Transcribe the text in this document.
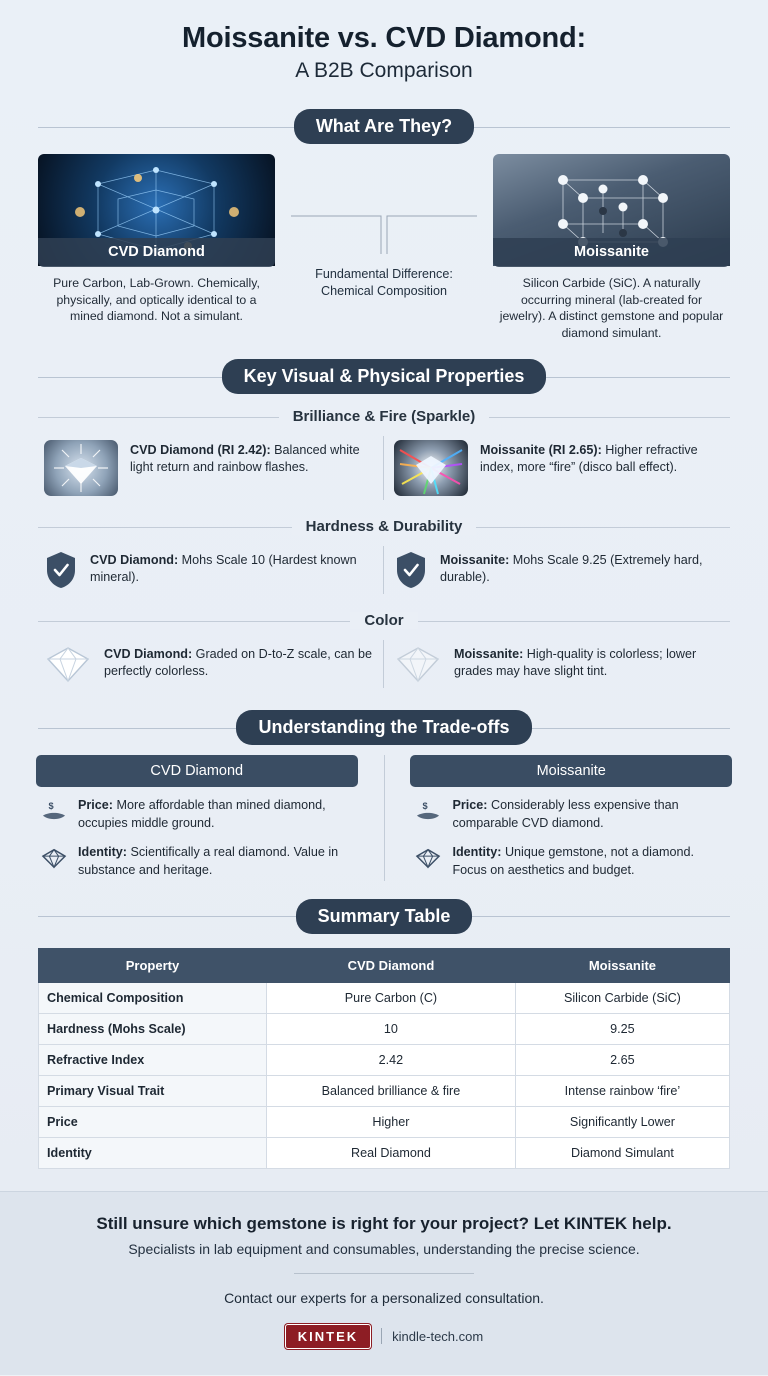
Moissanite vs. CVD Diamond:
A B2B Comparison
What Are They?
CVD Diamond
Pure Carbon, Lab-Grown. Chemically, physically, and optically identical to a mined diamond. Not a simulant.
Fundamental Difference: Chemical Composition
Moissanite
Silicon Carbide (SiC). A naturally occurring mineral (lab-created for jewelry). A distinct gemstone and popular diamond simulant.
Key Visual & Physical Properties
Brilliance & Fire (Sparkle)
CVD Diamond (RI 2.42): Balanced white light return and rainbow flashes.
Moissanite (RI 2.65): Higher refractive index, more “fire” (disco ball effect).
Hardness & Durability
CVD Diamond: Mohs Scale 10 (Hardest known mineral).
Moissanite: Mohs Scale 9.25 (Extremely hard, durable).
Color
CVD Diamond: Graded on D-to-Z scale, can be perfectly colorless.
Moissanite: High-quality is colorless; lower grades may have slight tint.
Understanding the Trade-offs
CVD Diamond
$ Price: More affordable than mined diamond, occupies middle ground.
Identity: Scientifically a real diamond. Value in substance and heritage.
Moissanite
$ Price: Considerably less expensive than comparable CVD diamond.
Identity: Unique gemstone, not a diamond. Focus on aesthetics and budget.
Summary Table
Property	CVD Diamond	Moissanite
Chemical Composition	Pure Carbon (C)	Silicon Carbide (SiC)
Hardness (Mohs Scale)	10	9.25
Refractive Index	2.42	2.65
Primary Visual Trait	Balanced brilliance & fire	Intense rainbow ‘fire’
Price	Higher	Significantly Lower
Identity	Real Diamond	Diamond Simulant
Still unsure which gemstone is right for your project? Let KINTEK help.
Specialists in lab equipment and consumables, understanding the precise science.
Contact our experts for a personalized consultation.
KINTEK	kindle-tech.com
